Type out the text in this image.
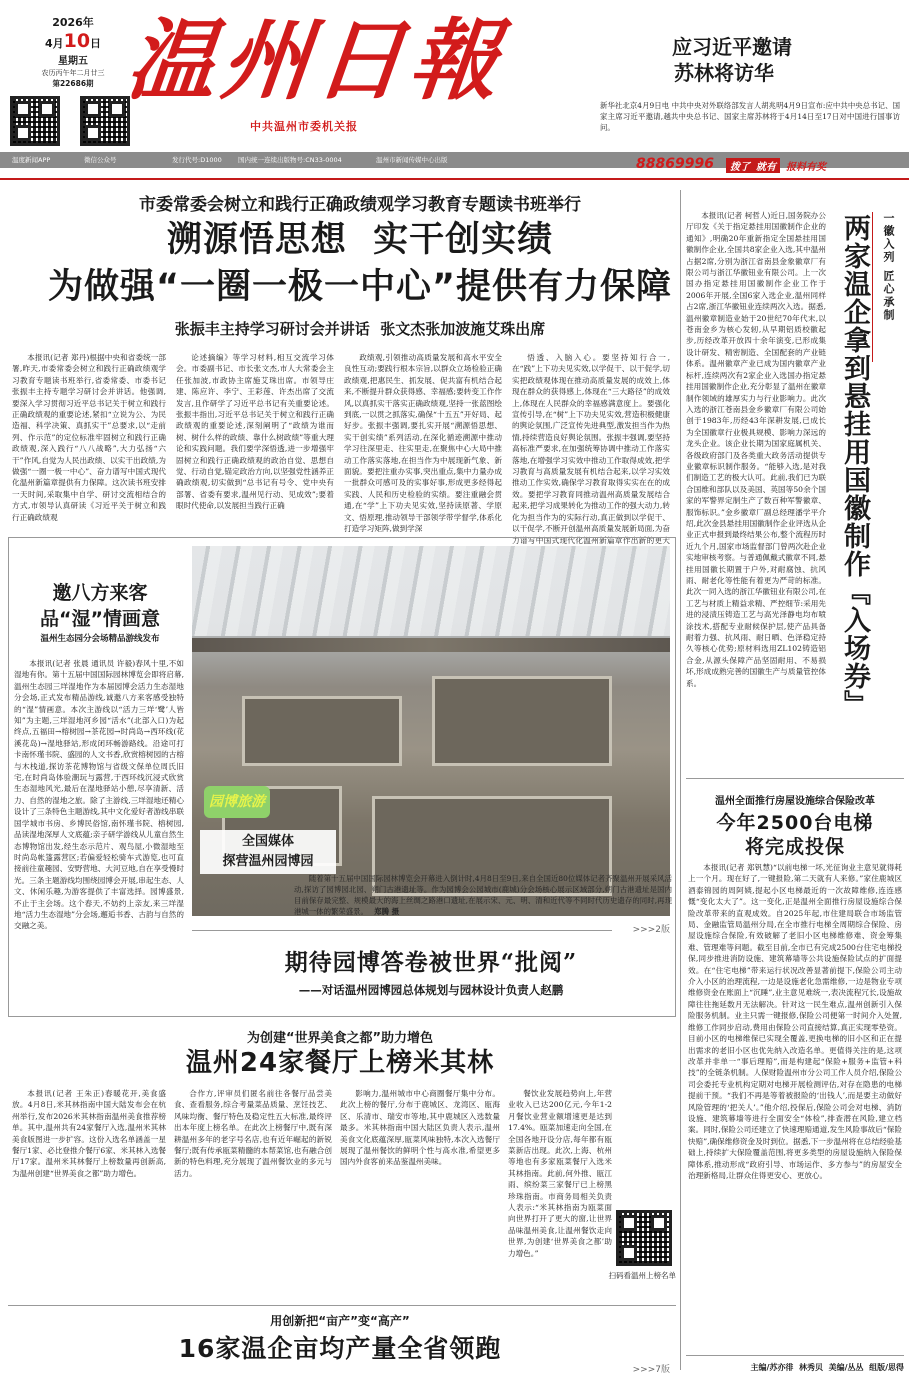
2026年
4月10日
星期五
农历丙午年二月廿三
第22686期 温州日報
中共温州市委机关报
应习近平邀请
苏林将访华
新华社北京4月9日电 中共中央对外联络部发言人胡兆明4月9日宣布:应中共中央总书记、国家主席习近平邀请,越共中央总书记、国家主席苏林将于4月14日至17日对中国进行国事访问。
温度新闻APP	微信公众号	发行代号:D1000	国内统一连续出版物号:CN33-0004	温州市新闻传媒中心出版	88869996	拨了 就有	报料有奖
市委常委会树立和践行正确政绩观学习教育专题读书班举行
溯源悟思想  实干创实绩
为做强“一圈一极一中心”提供有力保障
张振丰主持学习研讨会并讲话  张文杰张加波施艾珠出席
本报讯(记者 郑丹)根据中央和省委统一部署,昨天,市委常委会树立和践行正确政绩观学习教育专题读书班举行,省委常委、市委书记张振丰主持专题学习研讨会并讲话。他强调,要深入学习贯彻习近平总书记关于树立和践行正确政绩观的重要论述,紧扣“立说为公、为民造福、科学决策、真抓实干”总要求,以“走前列、作示范”的定位标准牢固树立和践行正确政绩观,深入践行“八八战略”,大力弘扬“六干”作风,自觉为人民出政绩、以实干出政绩,为做强“一圈一极一中心”、奋力谱写中国式现代化温州新篇章提供有力保障。这次读书班安排一天时间,采取集中自学、研讨交流相结合的方式,市领导认真研读《习近平关于树立和践行正确政绩观
论述摘编》等学习材料,相互交流学习体会。市委副书记、市长张文杰,市人大常委会主任张加波,市政协主席施艾珠出席。市领导庄建、陈应许、李宁、王彩莲、许杰出席了交流发言,且作研学了习近平总书记有关重要论述。张振丰指出,习近平总书记关于树立和践行正确政绩观的重要论述,深刻阐明了“政绩为谁而树、树什么样的政绩、靠什么树政绩”等重大理论和实践问题。我们要学深悟透,进一步增强牢固树立和践行正确政绩观的政治自觉、思想自觉、行动自觉,锚定政治方向,以坚强党性涵养正确政绩观,切实做到“总书记有号令、党中央有部署、省委有要求,温州见行动、见成效”;要着眼时代使命,以发展担当践行正确
政绩观,引领推动高质量发展和高水平安全良性互动;要践行根本宗旨,以群众立场检验正确政绩观,把惠民生、抓发展、促共富有机结合起来,不断提升群众获得感、幸福感;要转变工作作风,以真抓实干落实正确政绩观,坚持一张蓝图绘到底,一以贯之抓落实,确保“十五五”开好局、起好步。张振丰强调,要扎实开展“溯源悟思想、实干创实绩”系列活动,在深化循迹溯源中推动学习往深里走、往实里走,在聚焦中心大局中推动工作落实落地,在担当作为中展现新气象、新面貌。要把注重办实事,突出重点,集中力量办成一批群众可感可及的实事好事,形成更多经得起实践、人民和历史检验的实绩。要注重融会贯通,在“学”上下功夫见实效,坚持读原著、学原文、悟原理,推动领导干部领学带学督学,体系化打造学习矩阵,做到学深
悟透、入脑入心。要坚持知行合一,在“践”上下功夫见实效,以学促干、以干促学,切实把政绩观体现在推动高质量发展的成效上,体现在群众的获得感上,体现在“三大路径”的成效上,体现在人民群众的幸福感满意度上。要强化宣传引导,在“树”上下功夫见实效,营造积极健康的舆论氛围,广泛宣传先进典型,激发担当作为热情,持续营造良好舆论氛围。张振丰强调,要坚持高标准严要求,在加强统筹协调中推动工作落实落地,在增强学习实效中推动工作取得成效,把学习教育与高质量发展有机结合起来,以学习实效推动工作实效,确保学习教育取得实实在在的成效。要把学习教育同推动温州高质量发展结合起来,把学习成果转化为推动工作的强大动力,转化为担当作为的实际行动,真正做到以学促干、以干促学,不断开创温州高质量发展新局面,为奋力谱写中国式现代化温州新篇章作出新的更大
邀八方来客
品“湿”情画意
温州生态园分会场精品游线发布
本报讯(记者 张晨 通讯员 许毅)春风十里,不如湿地有你。第十五届中国国际园林博览会即将启幕,温州生态园三垟湿地作为本届园博会活力生态湿地分会场,正式发布精品游线,诚邀八方来客感受独特的“湿”情画意。本次主游线以“活力三垟‘鹭’人皆知”为主题,三垟湿地河乡园“活水”(北部入口)为起终点,五福田→榕树园→茶花园→时尚岛→西环线(花溪花岛)→湿地驿站,形成闭环畅游路线。沿途可打卡南怀瑾书院、盛园的人文书香,欣赏榕树园的古榕与木栈道,探访茶花博物馆与省级文保单位周氏旧宅,在时尚岛体验潮玩与露营,于西环线沉浸式欣赏生态湿地风光,最后在湿地驿站小憩,尽享清新、活力、自然的湿地之旅。除了主游线,三垟湿地还精心设计了三条特色主题游线,其中文化爱好者游线串联国学城市书房、乡博民俗馆,南怀瑾书院、榕树园,品读湿地深厚人文底蕴;亲子研学游线从儿童自然生态博物馆出发,经生态示范片、观鸟屋,小微湿地至时尚岛帐篷露营区;若偏爱轻松骑车式游览,也可直接前往童趣园、安野营地、大河豆地,自在享受慢时光。三条主题游线均围绕园博会开展,串起生态、人文、休闲乐趣,为游客提供了丰富选择。园博盛景,不止于主会场。这个春天,不妨约上亲友,来三垟湿地“活力生态湿地”分会场,邂逅书香、古韵与自然的交融之美。
园博旅游
全国媒体
探营温州园博园
随着第十五届中国国际园林博览会开幕进入倒计时,4月8日至9日,来自全国近80位媒体记者齐聚温州开展采风活动,探访了园博园北园、朔门古港遗址等。作为园博会公园城市(鹿城)分会场核心展示区域部分,朔门古港遗址是国内目前保存最完整、规模最大的海上丝绸之路港口遗址,在展示宋、元、明、清和近代等不同时代历史遗存的同时,再现港城一体的繁荣盛景。 郑腾 摄
>>>2版
期待园博答卷被世界“批阅”
——对话温州园博园总体规划与园林设计负责人赵鹏
为创建“世界美食之都”助力增色
温州24家餐厅上榜米其林
本报讯(记者 王朱正)春暖花开,美食盛放。4月8日,米其林指南中国大陆发布会在杭州举行,发布2026米其林指南温州美食推荐榜单。其中,温州共有24家餐厅入选,温州米其林美食版图进一步扩容。这份入选名单涵盖一星餐厅1家、必比登推介餐厅6家、米其林入选餐厅17家。温州米其林餐厅上榜数量再创新高,为温州创建“世界美食之都”助力增色。
合作方,评审员们匿名前往各餐厅品尝美食、查看服务,综合考量菜品质量、烹饪技艺、风味均衡、餐厅特色及稳定性五大标准,最终评出本年度上榜名单。在此次上榜餐厅中,既有深耕温州多年的老字号名店,也有近年崛起的新锐餐厅;既有传承瓯菜精髓的本帮菜馆,也有融合创新的特色料理,充分展现了温州餐饮业的多元与活力。
影响力,温州城市中心商圈餐厅集中分布。此次上榜的餐厅,分布于鹿城区、龙湾区、瓯海区、乐清市、瑞安市等地,其中鹿城区入选数量最多。米其林指南中国大陆区负责人表示,温州美食文化底蕴深厚,瓯菜风味独特,本次入选餐厅展现了温州餐饮的鲜明个性与高水准,希望更多国内外食客前来品鉴温州美味。
餐饮业发展趋势向上,年营业收入已达200亿元,今年1-2月餐饮业营业额增速更是达到17.4%。瓯菜加速走向全国,在全国各地开设分店,每年都有瓯菜新店出现。此次,上海、杭州等地也有多家瓯菜餐厅入选米其林指南。此前,何外推、瓯江雨、缤纷菜三家餐厅已上榜黑珍珠指南。市商务局相关负责人表示:“米其林指南为瓯菜面向世界打开了更大的窗,让世界品味温州美食,让温州餐饮走向世界,为创建‘世界美食之都’助力增色。”
扫码看温州上榜名单
用创新把“亩产”变“高产”
16家温企亩均产量全省领跑
>>>7版
本报讯(记者 柯哲人)近日,国务院办公厅印发《关于指定悬挂用国徽制作企业的通知》,明确20年重新指定全国悬挂用国徽制作企业,全国共8家企业入选,其中温州占据2席,分别为浙江省南县金象徽章厂有限公司与浙江华徽钮业有限公司。上一次国办指定悬挂用国徽制作企业工作于2006年开展,全国6家入选企业,温州同样占2席,浙江华徽钮业连续两次入选。据悉,温州徽章制造业始于20世纪70年代末,以苍南金乡为核心发轫,从早期铝质校徽起步,历经改革开放四十余年演变,已形成集设计研发、精密制造、全国配套的产业链体系。温州徽章产业已成为国内徽章产业标杆,连续两次有2家企业入选国办指定悬挂用国徽制作企业,充分彰显了温州在徽章制作领域的雄厚实力与行业影响力。此次入选的浙江苍南县金乡徽章厂有限公司始创于1983年,历经43年深耕发展,已成长为全国徽章行业极具规模、影响力深远的龙头企业。该企业长期为国家庭属机关、各级政府部门及各类重大政务活动提供专业徽章标识制作服务。“能够入选,是对我们制造工艺的极大认可。此前,我们已为联合国维和部队以及美国、英国等50余个国家的军警界定制生产了数百种军警徽章、服饰标识。”金乡徽章厂副总经理潘学平介绍,此次金县悬挂用国徽制作企业评选从企业正式申报到最终结果公布,整个流程历时近九个月,国家市场监督部门曾两次赴企业实地审核考察。与普通佩戴式徽章不同,悬挂用国徽长期置于户外,对耐腐蚀、抗风雨、耐老化等性能有着更为严苛的标准。此次一同入选的浙江华徽钮业有限公司,在工艺与材质上精益求精、严控细节:采用先进的浸渍压铸造工艺与高光泽静电均布喷涂技术,搭配专业耐候保护层,使产品具备耐着力强、抗风雨、耐日晒、色泽稳定持久等核心优势;原材料选用ZL102铸造铝合金,从源头保障产品坚固耐用、不易损坏,形成成熟完善的国徽生产与质量管控体系。
一徽入列 匠心承制
两家温企拿到悬挂用国徽制作『入场券』
温州全面推行房屋设施综合保险改革
今年2500台电梯
将完成投保
本报讯(记者 郑钒慧)“以前电梯一坏,光征询业主意见就得耗上一个月。现在好了,一键报险,第二天就有人来修。”家住鹿城区酒泰锦园的周阿姨,提起小区电梯最近的一次故障维修,连连感慨“变化太大了”。这一变化,正是温州全面推行房屋设施综合保险改革带来的直观成效。自2025年起,市住建局联合市场监管局、金融监管局温州分局,在全市推行电梯全周期综合保险、房屋设施综合保险,有效破解了老旧小区电梯维修难、资金筹集难、管理难等问题。截至目前,全市已有完成2500台住宅电梯投保,同步推进消防设施、建筑幕墙等公共设施保险试点的扩面提效。在“住宅电梯”带来运行状况改善显著前提下,保险公司主动介入小区的治理流程,一边是设施老化急需维修,一边是物业专项维修资金在账面上“沉睡”,业主意见难统一,表决流程冗长,设施故障往往拖延数月无法解决。针对这一民生难点,温州创新引入保险服务机制。业主只需一键报修,保险公司便第一时间介入处置,维修工作同步启动,费用由保险公司直接结算,真正实现零垫资。目前小区的电梯维保已实现全覆盖,更换电梯的旧小区和正在提出需求的老旧小区也优先纳入改造名单。更值得关注的是,这项改革并非单一“事后理赔”,而是构建起“保险+服务+监管+科技”的全链条机制。人保财险温州市分公司工作人员介绍,保险公司会委托专业机构定期对电梯开展检测评估,对存在隐患的电梯提前干预。“我们不再是等着被报险的‘出钱人’,而是要主动做好风险管理的‘把关人’。”他介绍,投保后,保险公司会对电梯、消防设施、建筑幕墙等进行全面安全“体检”,排查潜在风险,建立档案。同时,保险公司还建立了快速理赔通道,发生风险事故后“保险快赔”,确保维修资金及时到位。据悉,下一步温州将在总结经验基础上,持续扩大保险覆盖范围,将更多类型的房屋设施纳入保险保障体系,推动形成“政府引导、市场运作、多方参与”的房屋安全治理新格局,让群众住得更安心、更放心。
主编/苏亦徘  林秀贝  美编/丛丛  组版/思得
